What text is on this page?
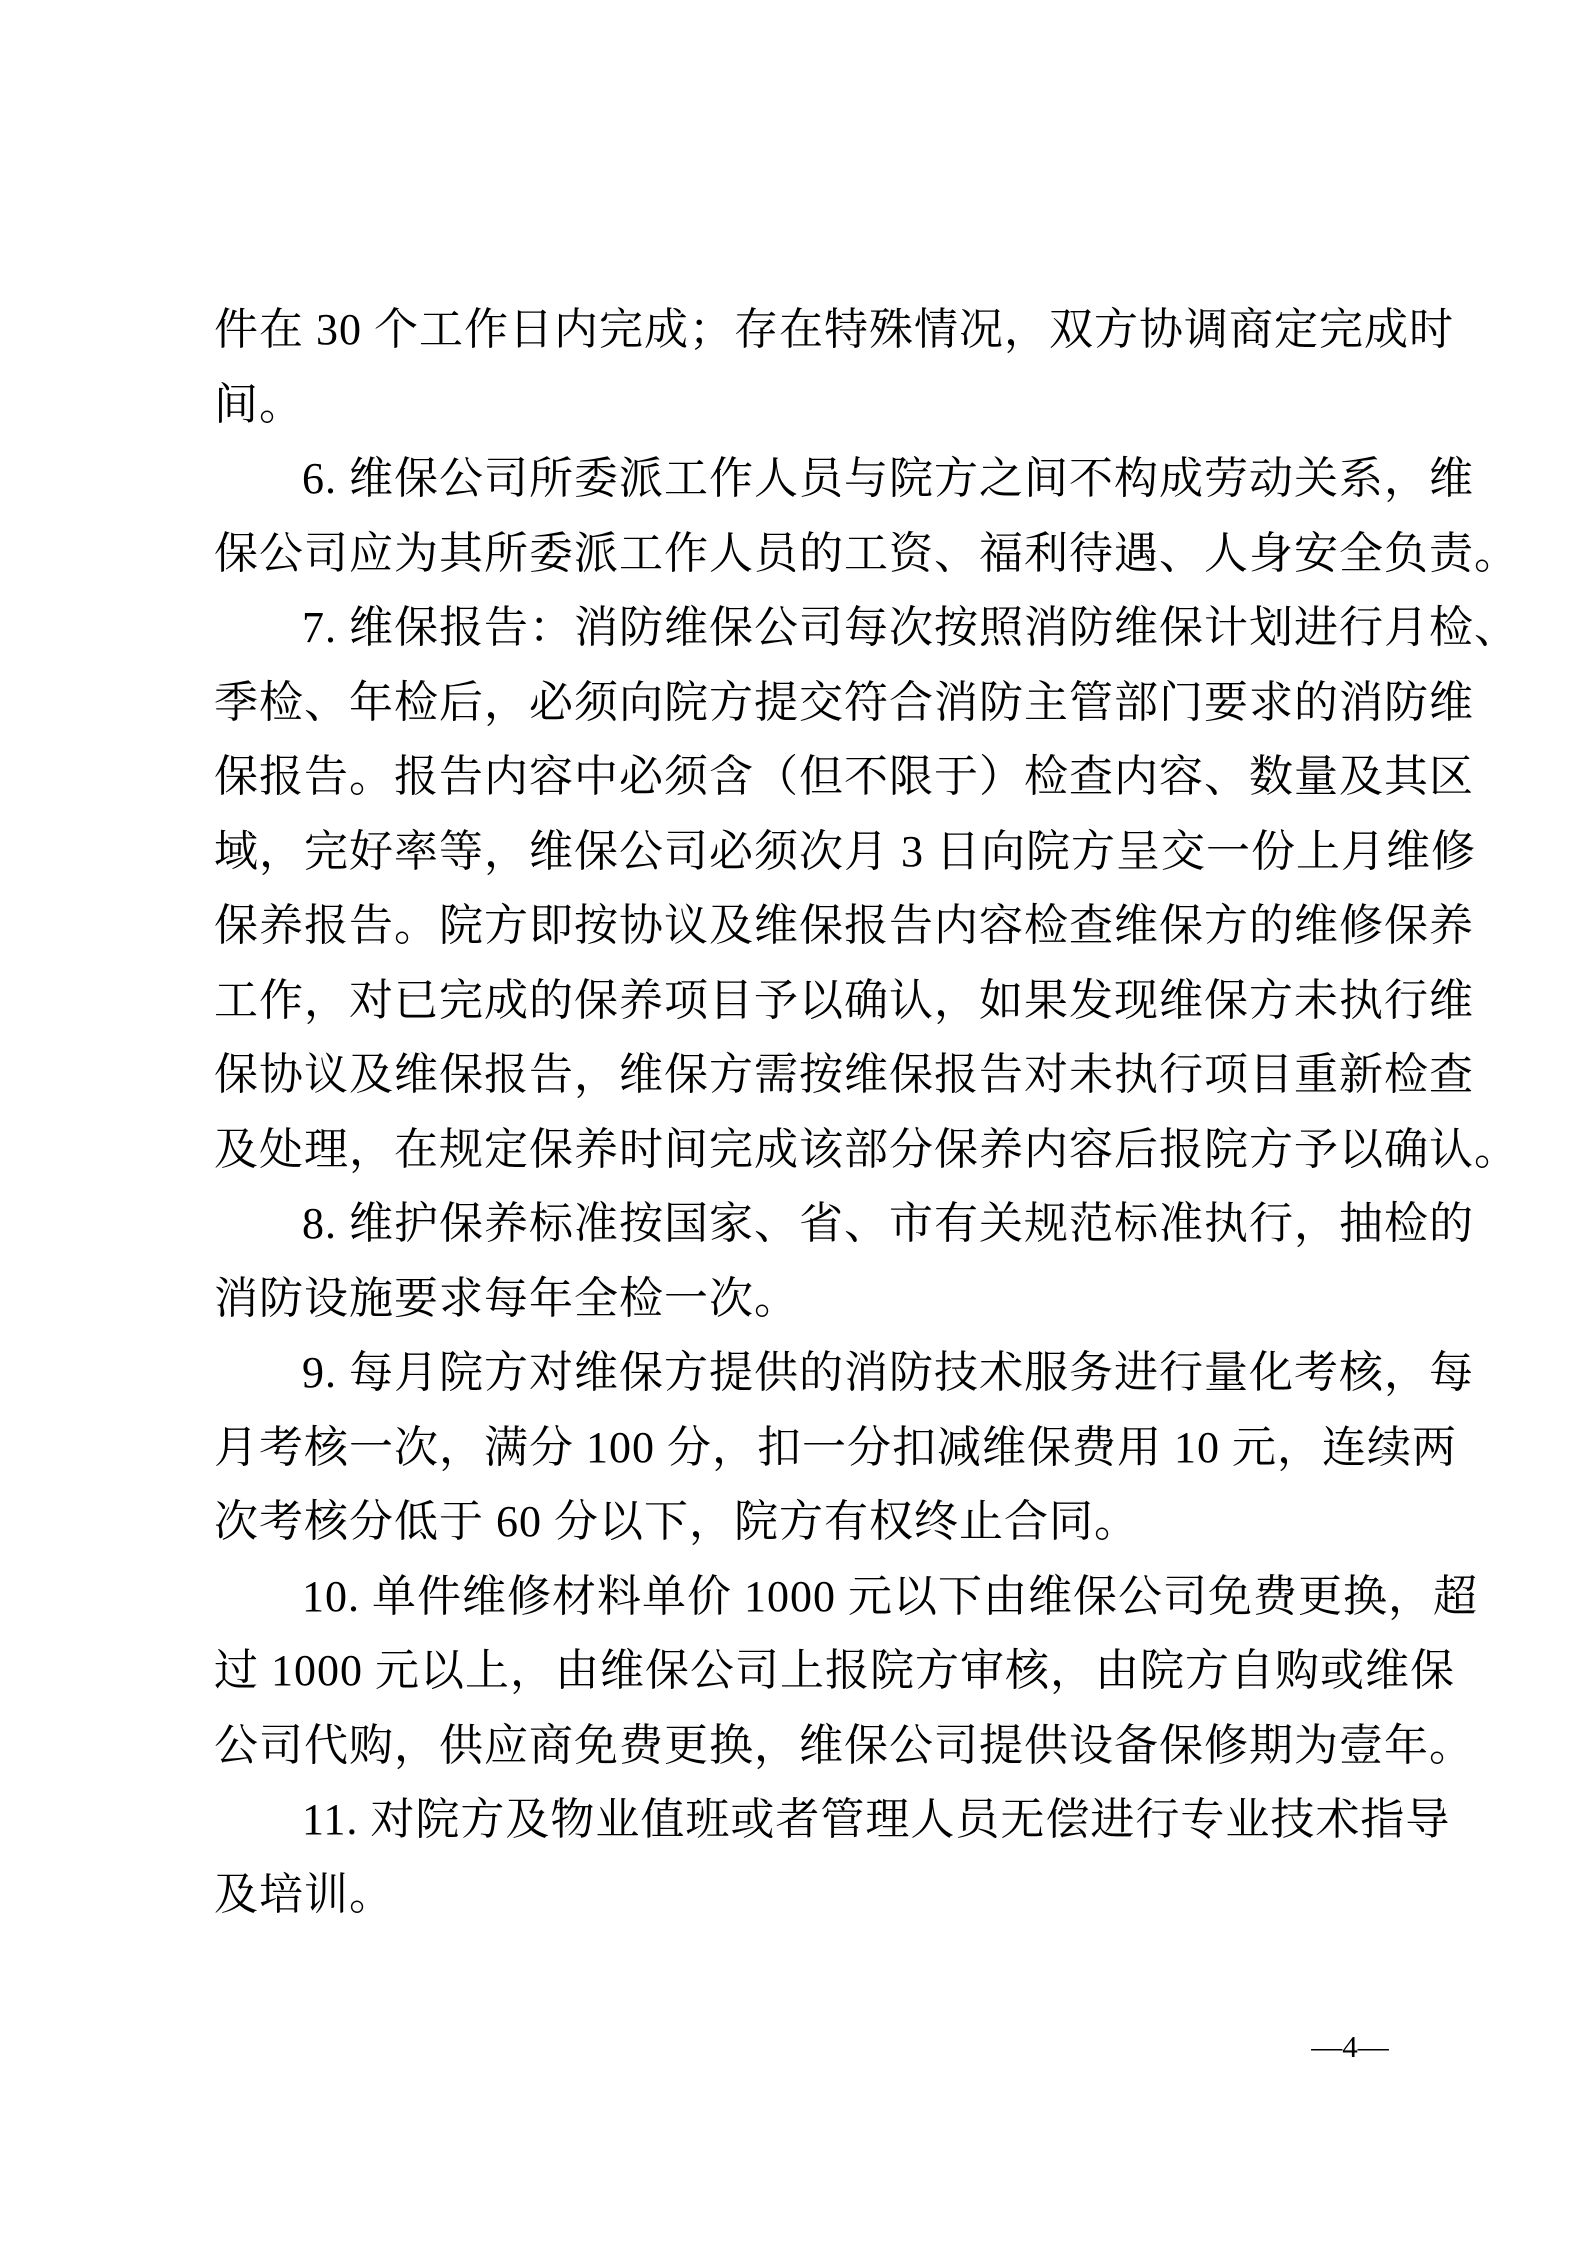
件在 30 个工作日内完成；存在特殊情况，双方协调商定完成时
间。
6. 维保公司所委派工作人员与院方之间不构成劳动关系，维
保公司应为其所委派工作人员的工资、福利待遇、人身安全负责。
7. 维保报告：消防维保公司每次按照消防维保计划进行月检、
季检、年检后，必须向院方提交符合消防主管部门要求的消防维
保报告。报告内容中必须含（但不限于）检查内容、数量及其区
域，完好率等，维保公司必须次月 3 日向院方呈交一份上月维修
保养报告。院方即按协议及维保报告内容检查维保方的维修保养
工作，对已完成的保养项目予以确认，如果发现维保方未执行维
保协议及维保报告，维保方需按维保报告对未执行项目重新检查
及处理，在规定保养时间完成该部分保养内容后报院方予以确认。
8. 维护保养标准按国家、省、市有关规范标准执行，抽检的
消防设施要求每年全检一次。
9. 每月院方对维保方提供的消防技术服务进行量化考核，每
月考核一次，满分 100 分，扣一分扣减维保费用 10 元，连续两
次考核分低于 60 分以下，院方有权终止合同。
10. 单件维修材料单价 1000 元以下由维保公司免费更换，超
过 1000 元以上，由维保公司上报院方审核，由院方自购或维保
公司代购，供应商免费更换，维保公司提供设备保修期为壹年。
11. 对院方及物业值班或者管理人员无偿进行专业技术指导
及培训。
—4—
